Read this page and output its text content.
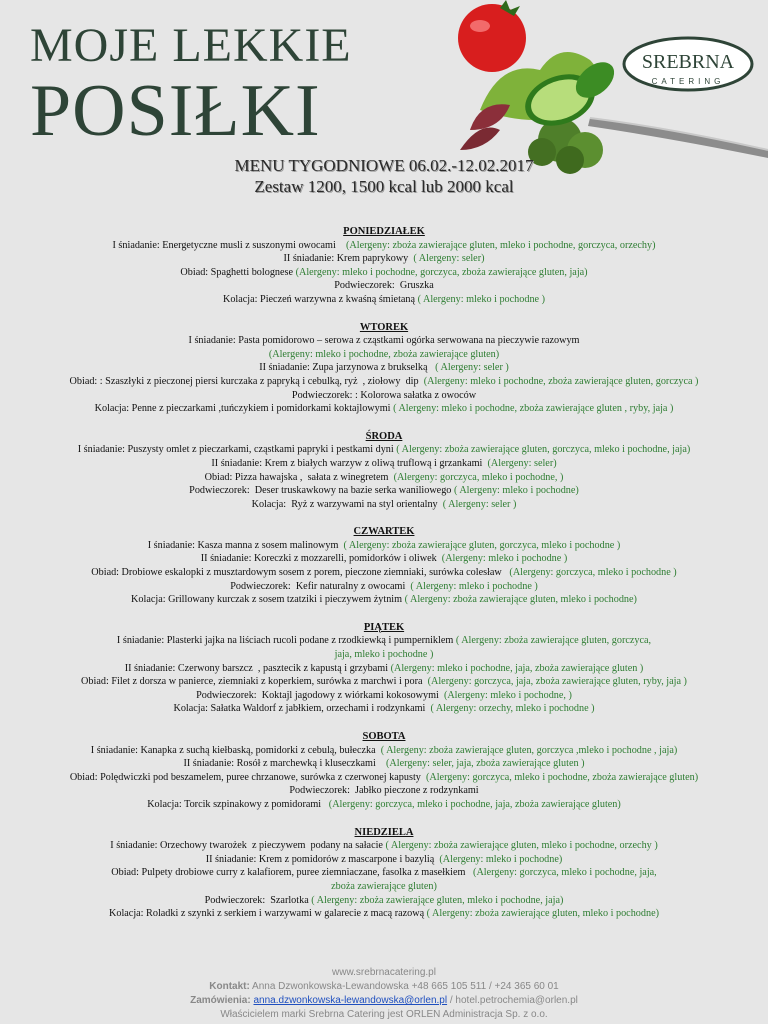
MOJE LEKKIE
POSIŁKI
SREBRNA
CATERING
MENU TYGODNIOWE 06.02.-12.02.2017
Zestaw 1200, 1500 kcal lub 2000 kcal
PONIEDZIAŁEK
I śniadanie: Energetyczne musli z suszonymi owocami    (Alergeny: zboża zawierające gluten, mleko i pochodne, gorczyca, orzechy)
II śniadanie: Krem paprykowy  ( Alergeny: seler)
Obiad: Spaghetti bolognese (Alergeny: mleko i pochodne, gorczyca, zboża zawierające gluten, jaja)
Podwieczorek:  Gruszka
Kolacja: Pieczeń warzywna z kwaśną śmietaną ( Alergeny: mleko i pochodne )
WTOREK
I śniadanie: Pasta pomidorowo – serowa z cząstkami ogórka serwowana na pieczywie razowym
(Alergeny: mleko i pochodne, zboża zawierające gluten)
II śniadanie: Zupa jarzynowa z brukselką   ( Alergeny: seler )
Obiad: : Szaszłyki z pieczonej piersi kurczaka z papryką i cebulką, ryż  , ziołowy  dip  (Alergeny: mleko i pochodne, zboża zawierające gluten, gorczyca )
Podwieczorek: : Kolorowa sałatka z owoców
Kolacja: Penne z pieczarkami ,tuńczykiem i pomidorkami koktajlowymi ( Alergeny: mleko i pochodne, zboża zawierające gluten , ryby, jaja )
ŚRODA
I śniadanie: Puszysty omlet z pieczarkami, cząstkami papryki i pestkami dyni ( Alergeny: zboża zawierające gluten, gorczyca, mleko i pochodne, jaja)
II śniadanie: Krem z białych warzyw z oliwą truflową i grzankami  (Alergeny: seler)
Obiad: Pizza hawajska ,  sałata z winegretem  (Alergeny: gorczyca, mleko i pochodne, )
Podwieczorek:  Deser truskawkowy na bazie serka waniliowego ( Alergeny: mleko i pochodne)
Kolacja:  Ryż z warzywami na styl orientalny  ( Alergeny: seler )
CZWARTEK
I śniadanie: Kasza manna z sosem malinowym  ( Alergeny: zboża zawierające gluten, gorczyca, mleko i pochodne )
II śniadanie: Koreczki z mozzarelli, pomidorków i oliwek  (Alergeny: mleko i pochodne )
Obiad: Drobiowe eskalopki z musztardowym sosem z porem, pieczone ziemniaki, surówka colesław   (Alergeny: gorczyca, mleko i pochodne )
Podwieczorek:  Kefir naturalny z owocami  ( Alergeny: mleko i pochodne )
Kolacja: Grillowany kurczak z sosem tzatziki i pieczywem żytnim ( Alergeny: zboża zawierające gluten, mleko i pochodne)
PIĄTEK
I śniadanie: Plasterki jajka na liściach rucoli podane z rzodkiewką i pumperniklem ( Alergeny: zboża zawierające gluten, gorczyca,
jaja, mleko i pochodne )
II śniadanie: Czerwony barszcz  , pasztecik z kapustą i grzybami (Alergeny: mleko i pochodne, jaja, zboża zawierające gluten )
Obiad: Filet z dorsza w panierce, ziemniaki z koperkiem, surówka z marchwi i pora  (Alergeny: gorczyca, jaja, zboża zawierające gluten, ryby, jaja )
Podwieczorek:  Koktajl jagodowy z wiórkami kokosowymi  (Alergeny: mleko i pochodne, )
Kolacja: Sałatka Waldorf z jabłkiem, orzechami i rodzynkami  ( Alergeny: orzechy, mleko i pochodne )
SOBOTA
I śniadanie: Kanapka z suchą kiełbaską, pomidorki z cebulą, bułeczka  ( Alergeny: zboża zawierające gluten, gorczyca ,mleko i pochodne , jaja)
II śniadanie: Rosół z marchewką i kluseczkami    (Alergeny: seler, jaja, zboża zawierające gluten )
Obiad: Polędwiczki pod beszamelem, puree chrzanowe, surówka z czerwonej kapusty  (Alergeny: gorczyca, mleko i pochodne, zboża zawierające gluten)
Podwieczorek:  Jabłko pieczone z rodzynkami
Kolacja: Torcik szpinakowy z pomidorami   (Alergeny: gorczyca, mleko i pochodne, jaja, zboża zawierające gluten)
NIEDZIELA
I śniadanie: Orzechowy twarożek  z pieczywem  podany na sałacie ( Alergeny: zboża zawierające gluten, mleko i pochodne, orzechy )
II śniadanie: Krem z pomidorów z mascarpone i bazylią  (Alergeny: mleko i pochodne)
Obiad: Pulpety drobiowe curry z kalafiorem, puree ziemniaczane, fasolka z masełkiem   (Alergeny: gorczyca, mleko i pochodne, jaja,
zboża zawierające gluten)
Podwieczorek:  Szarlotka ( Alergeny: zboża zawierające gluten, mleko i pochodne, jaja)
Kolacja: Roladki z szynki z serkiem i warzywami w galarecie z macą razową ( Alergeny: zboża zawierające gluten, mleko i pochodne)
www.srebrnacatering.pl
Kontakt: Anna Dzwonkowska-Lewandowska +48 665 105 511 / +24 365 60 01
Zamówienia: anna.dzwonkowska-lewandowska@orlen.pl / hotel.petrochemia@orlen.pl
Właścicielem marki Srebrna Catering jest ORLEN Administracja Sp. z o.o.
